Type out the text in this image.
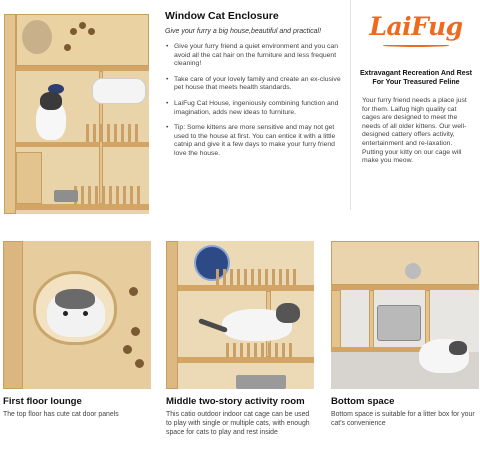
Window Cat Enclosure
Give your furry a big house,beautiful and practical!
• Give your furry friend a quiet environment and you can avoid all the cat hair on the furniture and less frequent cleaning!
• Take care of your lovely family and create an ex-clusive pet house that meets health standards.
• LaiFug Cat House, ingeniously combining function and imagination, adds new ideas to furniture.
• Tip: Some kittens are more sensitive and may not get used to the house at first. You can entice it with a little catnip and give it a few days to make your furry friend love the house.
LaiFug
Extravagant Recreation And Rest For Your Treasured Feline
Your furry friend needs a place just for them. Laifug high quality cat cages are designed to meet the needs of all older kittens. Our well-designed cattery offers activity, entertainment and re-laxation. Putting your kitty on our cage will make you meow.
First floor lounge
The top floor has cute cat door panels
Middle two-story activity room
This catio outdoor indoor cat cage can be used to play with single or multiple cats, with enough space for cats to play and rest inside
Bottom space
Bottom space is suitable for a litter box for your cat's convenience
